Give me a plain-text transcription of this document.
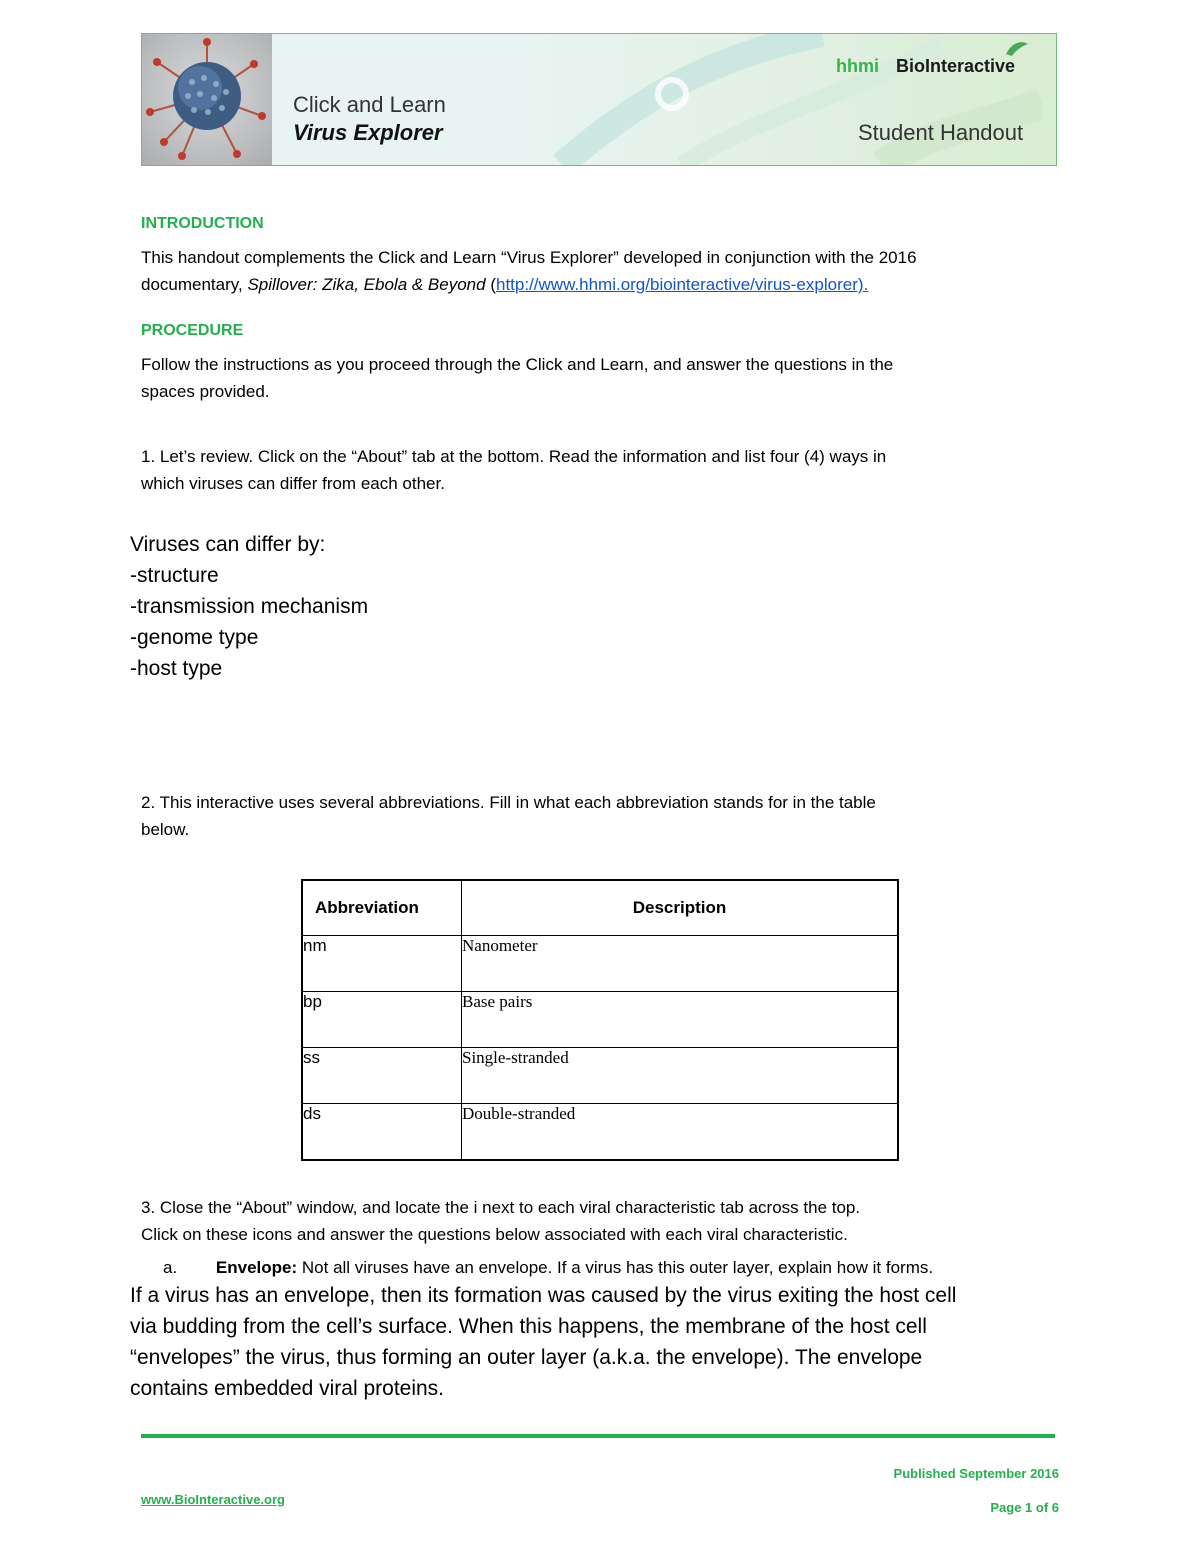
Click and Learn
Virus Explorer
hhmi BioInteractive
Student Handout
INTRODUCTION
This handout complements the Click and Learn “Virus Explorer” developed in conjunction with the 2016
documentary, Spillover: Zika, Ebola & Beyond (http://www.hhmi.org/biointeractive/virus-explorer).
PROCEDURE
Follow the instructions as you proceed through the Click and Learn, and answer the questions in the
spaces provided.
1. Let’s review. Click on the “About” tab at the bottom. Read the information and list four (4) ways in
which viruses can differ from each other.
Viruses can differ by:
-structure
-transmission mechanism
-genome type
-host type
2. This interactive uses several abbreviations. Fill in what each abbreviation stands for in the table
below.
Abbreviation	Description
nm	Nanometer
bp	Base pairs
ss	Single-stranded
ds	Double-stranded
3. Close the “About” window, and locate the i next to each viral characteristic tab across the top.
Click on these icons and answer the questions below associated with each viral characteristic.
a. Envelope: Not all viruses have an envelope. If a virus has this outer layer, explain how it forms.
If a virus has an envelope, then its formation was caused by the virus exiting the host cell
via budding from the cell’s surface. When this happens, the membrane of the host cell
“envelopes” the virus, thus forming an outer layer (a.k.a. the envelope). The envelope
contains embedded viral proteins.
Published September 2016
www.BioInteractive.org
Page 1 of 6
